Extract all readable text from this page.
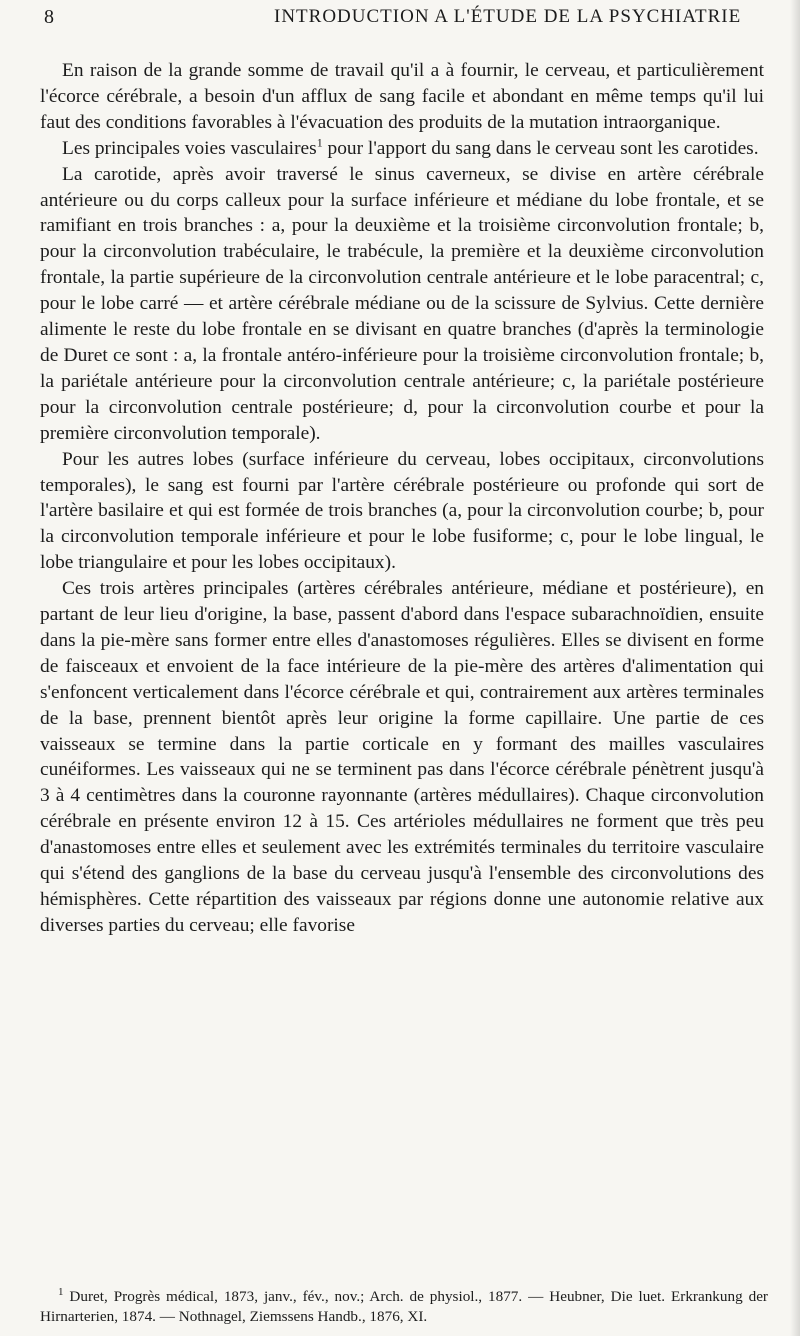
8	INTRODUCTION A L'ÉTUDE DE LA PSYCHIATRIE

En raison de la grande somme de travail qu'il a à fournir, le cerveau, et particulièrement l'écorce cérébrale, a besoin d'un afflux de sang facile et abondant en même temps qu'il lui faut des conditions favorables à l'évacuation des produits de la mutation intraorganique.

Les principales voies vasculaires$^1$ pour l'apport du sang dans le cerveau sont les carotides.

La carotide, après avoir traversé le sinus caverneux, se divise en artère cérébrale antérieure ou du corps calleux pour la surface inférieure et médiane du lobe frontale, et se ramifiant en trois branches : a, pour la deuxième et la troisième circonvolution frontale; b, pour la circonvolution trabéculaire, le trabécule, la première et la deuxième circonvolution frontale, la partie supérieure de la circonvolution centrale antérieure et le lobe paracentral; c, pour le lobe carré — et artère cérébrale médiane ou de la scissure de Sylvius. Cette dernière alimente le reste du lobe frontale en se divisant en quatre branches (d'après la terminologie de Duret ce sont : a, la frontale antéro-inférieure pour la troisième circonvolution frontale; b, la pariétale antérieure pour la circonvolution centrale antérieure; c, la pariétale postérieure pour la circonvolution centrale postérieure; d, pour la circonvolution courbe et pour la première circonvolution temporale).

Pour les autres lobes (surface inférieure du cerveau, lobes occipitaux, circonvolutions temporales), le sang est fourni par l'artère cérébrale postérieure ou profonde qui sort de l'artère basilaire et qui est formée de trois branches (a, pour la circonvolution courbe; b, pour la circonvolution temporale inférieure et pour le lobe fusiforme; c, pour le lobe lingual, le lobe triangulaire et pour les lobes occipitaux).

Ces trois artères principales (artères cérébrales antérieure, médiane et postérieure), en partant de leur lieu d'origine, la base, passent d'abord dans l'espace subarachnoïdien, ensuite dans la pie-mère sans former entre elles d'anastomoses régulières. Elles se divisent en forme de faisceaux et envoient de la face intérieure de la pie-mère des artères d'alimentation qui s'enfoncent verticalement dans l'écorce cérébrale et qui, contrairement aux artères terminales de la base, prennent bientôt après leur origine la forme capillaire. Une partie de ces vaisseaux se termine dans la partie corticale en y formant des mailles vasculaires cunéiformes. Les vaisseaux qui ne se terminent pas dans l'écorce cérébrale pénètrent jusqu'à 3 à 4 centimètres dans la couronne rayonnante (artères médullaires). Chaque circonvolution cérébrale en présente environ 12 à 15. Ces artérioles médullaires ne forment que très peu d'anastomoses entre elles et seulement avec les extrémités terminales du territoire vasculaire qui s'étend des ganglions de la base du cerveau jusqu'à l'ensemble des circonvolutions des hémisphères. Cette répartition des vaisseaux par régions donne une autonomie relative aux diverses parties du cerveau; elle favorise

$^1$ Duret, Progrès médical, 1873, janv., fév., nov.; Arch. de physiol., 1877. — Heubner, Die luet. Erkrankung der Hirnarterien, 1874. — Nothnagel, Ziemssens Handb., 1876, XI.
